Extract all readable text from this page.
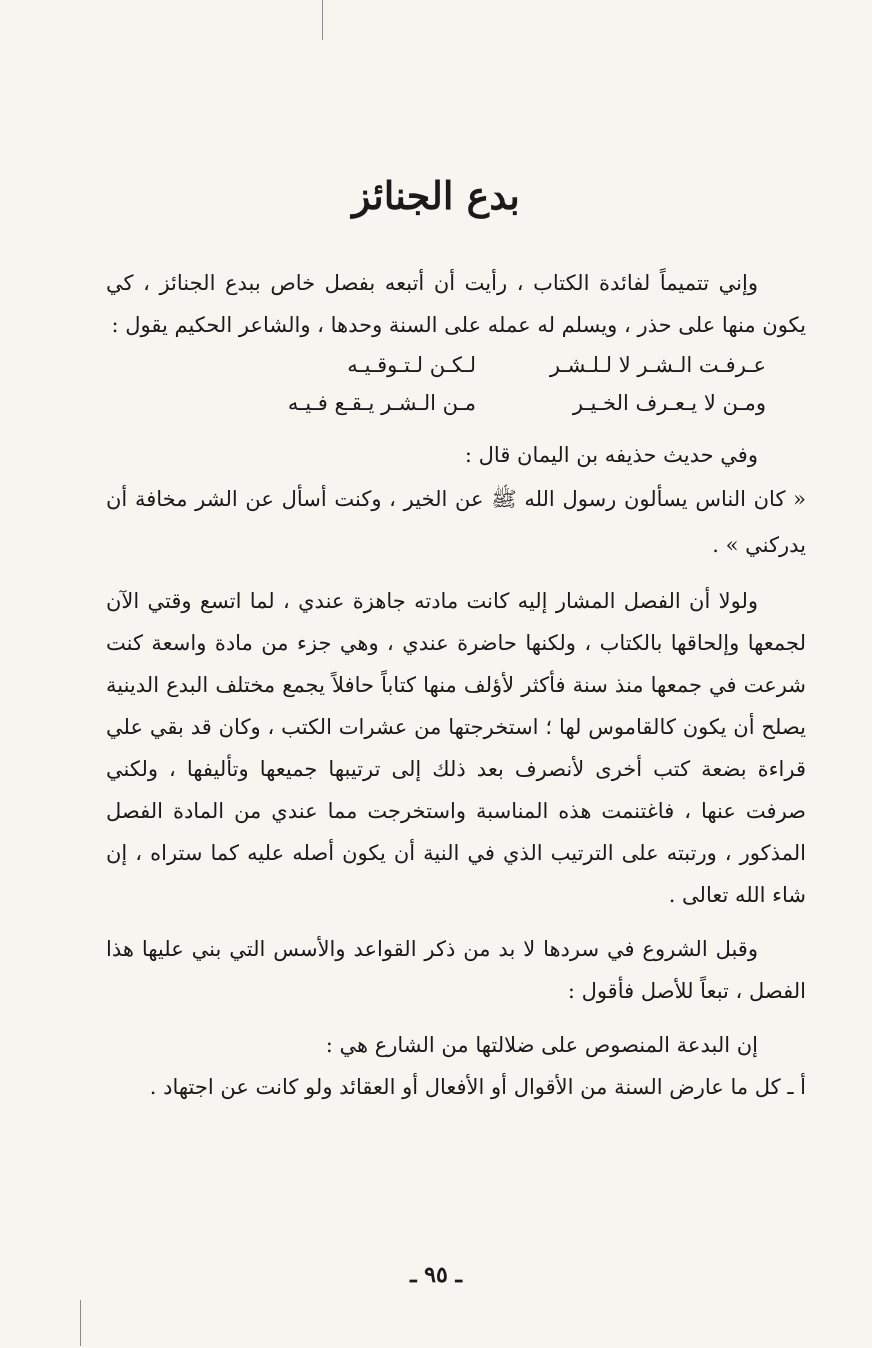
بدع الجنائز

وإني تتميماً لفائدة الكتاب ، رأيت أن أتبعه بفصل خاص ببدع الجنائز ، كي يكون منها على حذر ، ويسلم له عمله على السنة وحدها ، والشاعر الحكيم يقول :

عـرفـت الـشـر لا لـلـشـر
لـكـن لـتـوقـيـه
ومـن لا يـعـرف الخـيـر
مـن الـشـر يـقـع فـيـه

وفي حديث حذيفه بن اليمان قال :

« كان الناس يسألون رسول الله ﷺ عن الخير ، وكنت أسأل عن الشر مخافة أن يدركني » .

ولولا أن الفصل المشار إليه كانت مادته جاهزة عندي ، لما اتسع وقتي الآن لجمعها وإلحاقها بالكتاب ، ولكنها حاضرة عندي ، وهي جزء من مادة واسعة كنت شرعت في جمعها منذ سنة فأكثر لأؤلف منها كتاباً حافلاً يجمع مختلف البدع الدينية يصلح أن يكون كالقاموس لها ؛ استخرجتها من عشرات الكتب ، وكان قد بقي علي قراءة بضعة كتب أخرى لأنصرف بعد ذلك إلى ترتيبها جميعها وتأليفها ، ولكني صرفت عنها ، فاغتنمت هذه المناسبة واستخرجت مما عندي من المادة الفصل المذكور ، ورتبته على الترتيب الذي في النية أن يكون أصله عليه كما ستراه ، إن شاء الله تعالى .

وقبل الشروع في سردها لا بد من ذكر القواعد والأسس التي بني عليها هذا الفصل ، تبعاً للأصل فأقول :

إن البدعة المنصوص على ضلالتها من الشارع هي :

أ ـ كل ما عارض السنة من الأقوال أو الأفعال أو العقائد ولو كانت عن اجتهاد .

ـ ٩٥ ـ
